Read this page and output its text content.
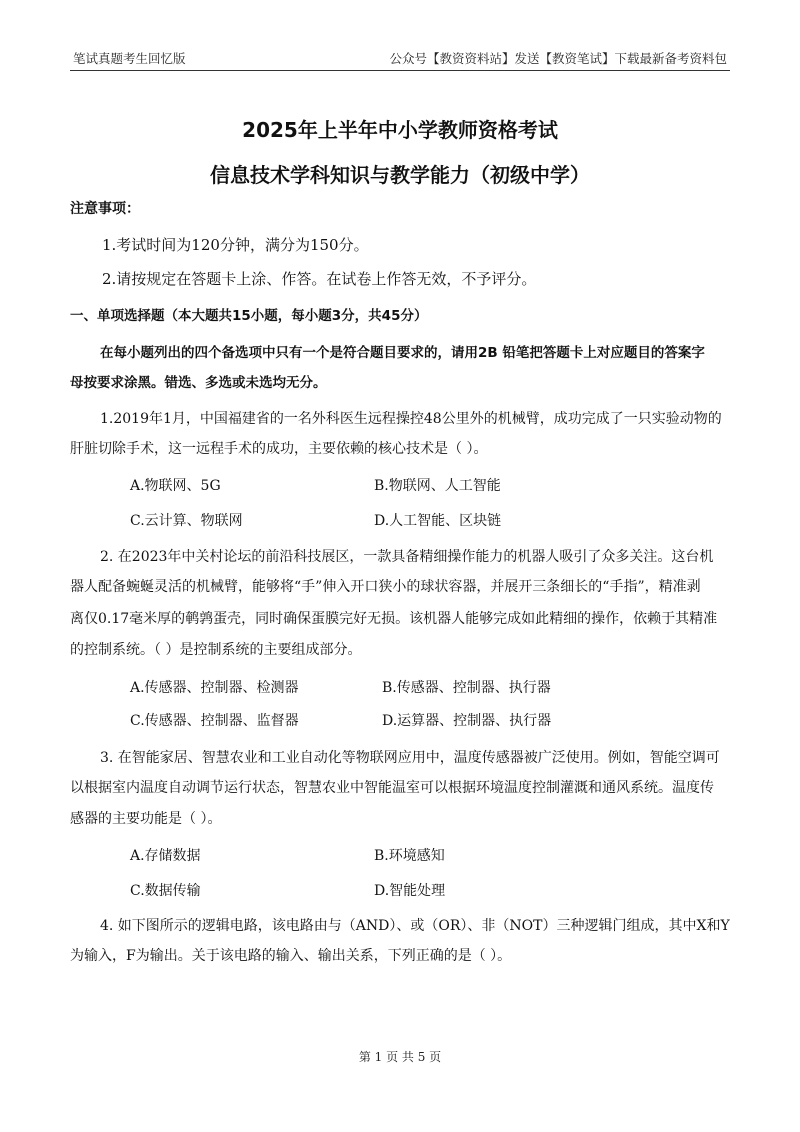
笔试真题考生回忆版	公众号【教资资料站】发送【教资笔试】下载最新备考资料包
2025年上半年中小学教师资格考试
信息技术学科知识与教学能力（初级中学）
注意事项：
1.考试时间为120分钟，满分为150分。
2.请按规定在答题卡上涂、作答。在试卷上作答无效，不予评分。
一、单项选择题（本大题共15小题，每小题3分，共45分）
在每小题列出的四个备选项中只有一个是符合题目要求的，请用2B 铅笔把答题卡上对应题目的答案字
母按要求涂黑。错选、多选或未选均无分。
1.2019年1月，中国福建省的一名外科医生远程操控48公里外的机械臂，成功完成了一只实验动物的
肝脏切除手术，这一远程手术的成功，主要依赖的核心技术是（ ）。
A.物联网、5G	B.物联网、人工智能
C.云计算、物联网	D.人工智能、区块链
2. 在2023年中关村论坛的前沿科技展区，一款具备精细操作能力的机器人吸引了众多关注。这台机
器人配备蜿蜒灵活的机械臂，能够将“手”伸入开口狭小的球状容器，并展开三条细长的“手指”，精准剥
离仅0.17毫米厚的鹌鹑蛋壳，同时确保蛋膜完好无损。该机器人能够完成如此精细的操作，依赖于其精准
的控制系统。（ ）是控制系统的主要组成部分。
A.传感器、控制器、检测器	B.传感器、控制器、执行器
C.传感器、控制器、监督器	D.运算器、控制器、执行器
3. 在智能家居、智慧农业和工业自动化等物联网应用中，温度传感器被广泛使用。例如，智能空调可
以根据室内温度自动调节运行状态，智慧农业中智能温室可以根据环境温度控制灌溉和通风系统。温度传
感器的主要功能是（ ）。
A.存储数据	B.环境感知
C.数据传输	D.智能处理
4. 如下图所示的逻辑电路，该电路由与（AND）、或（OR）、非（NOT）三种逻辑门组成，其中X和Y
为输入，F为输出。关于该电路的输入、输出关系，下列正确的是（ ）。
第 1 页 共 5 页
